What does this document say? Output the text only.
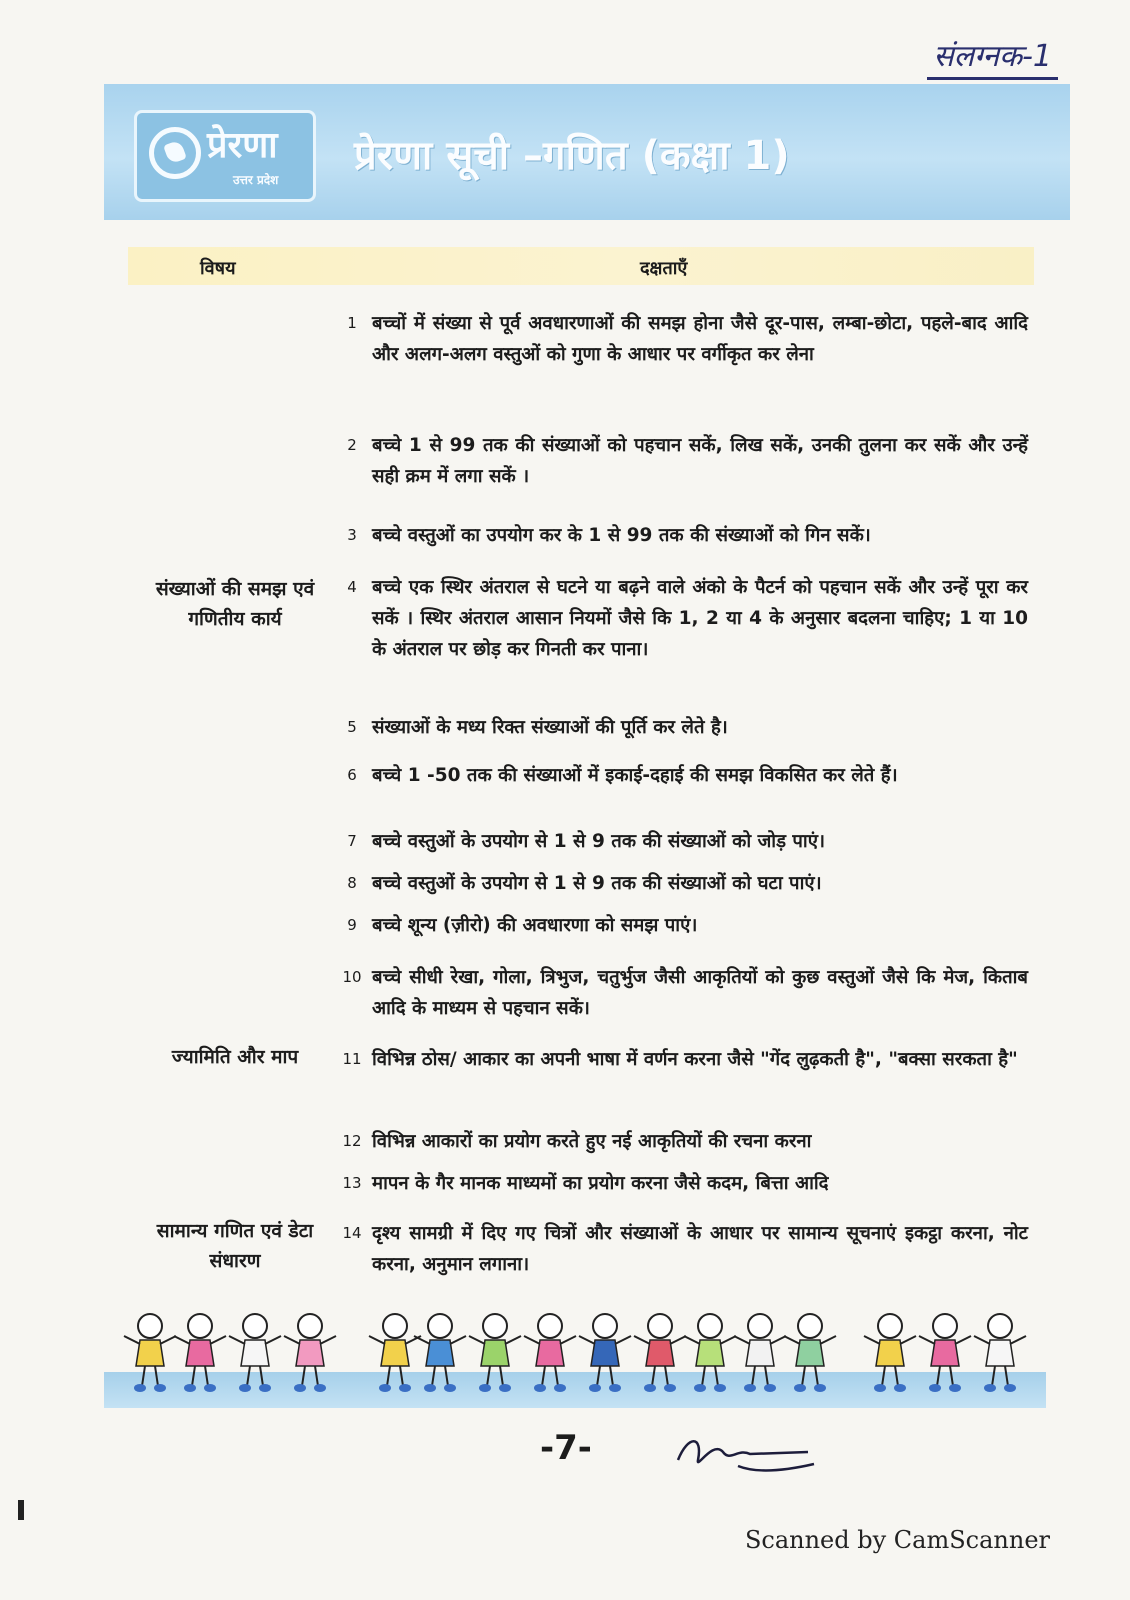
संलग्नक-1
प्रेरणा
उत्तर प्रदेश
प्रेरणा सूची –गणित (कक्षा 1)
विषय	दक्षताएँ
संख्याओं की समझ एवं गणितीय कार्य
ज्यामिति और माप
सामान्य गणित एवं डेटा संधारण
1 बच्चों में संख्या से पूर्व अवधारणाओं की समझ होना जैसे दूर-पास, लम्बा-छोटा, पहले-बाद आदि और अलग-अलग वस्तुओं को गुणा के आधार पर वर्गीकृत कर लेना
2 बच्चे 1 से 99 तक की संख्याओं को पहचान सकें, लिख सकें, उनकी तुलना कर सकें और उन्हें सही क्रम में लगा सकें ।
3 बच्चे वस्तुओं का उपयोग कर के 1 से 99 तक की संख्याओं को गिन सकें।
4 बच्चे एक स्थिर अंतराल से घटने या बढ़ने वाले अंको के पैटर्न को पहचान सकें और उन्हें पूरा कर सकें । स्थिर अंतराल आसान नियमों जैसे कि 1, 2 या 4 के अनुसार बदलना चाहिए; 1 या 10 के अंतराल पर छोड़ कर गिनती कर पाना।
5 संख्याओं के मध्य रिक्त संख्याओं की पूर्ति कर लेते है।
6 बच्चे 1 -50 तक की संख्याओं में इकाई-दहाई की समझ विकसित कर लेते हैं।
7 बच्चे वस्तुओं के उपयोग से 1 से 9 तक की संख्याओं को जोड़ पाएं।
8 बच्चे वस्तुओं के उपयोग से 1 से 9 तक की संख्याओं को घटा पाएं।
9 बच्चे शून्य (ज़ीरो) की अवधारणा को समझ पाएं।
10 बच्चे सीधी रेखा, गोला, त्रिभुज, चतुर्भुज जैसी आकृतियों को कुछ वस्तुओं जैसे कि मेज, किताब आदि के माध्यम से पहचान सकें।
11 विभिन्न ठोस/ आकार का अपनी भाषा में वर्णन करना जैसे "गेंद लुढ़कती है", "बक्सा सरकता है"
12 विभिन्न आकारों का प्रयोग करते हुए नई आकृतियों की रचना करना
13 मापन के गैर मानक माध्यमों का प्रयोग करना जैसे कदम, बित्ता आदि
14 दृश्य सामग्री में दिए गए चित्रों और संख्याओं के आधार पर सामान्य सूचनाएं इकट्ठा करना, नोट करना, अनुमान लगाना।
-7-
Scanned by CamScanner
